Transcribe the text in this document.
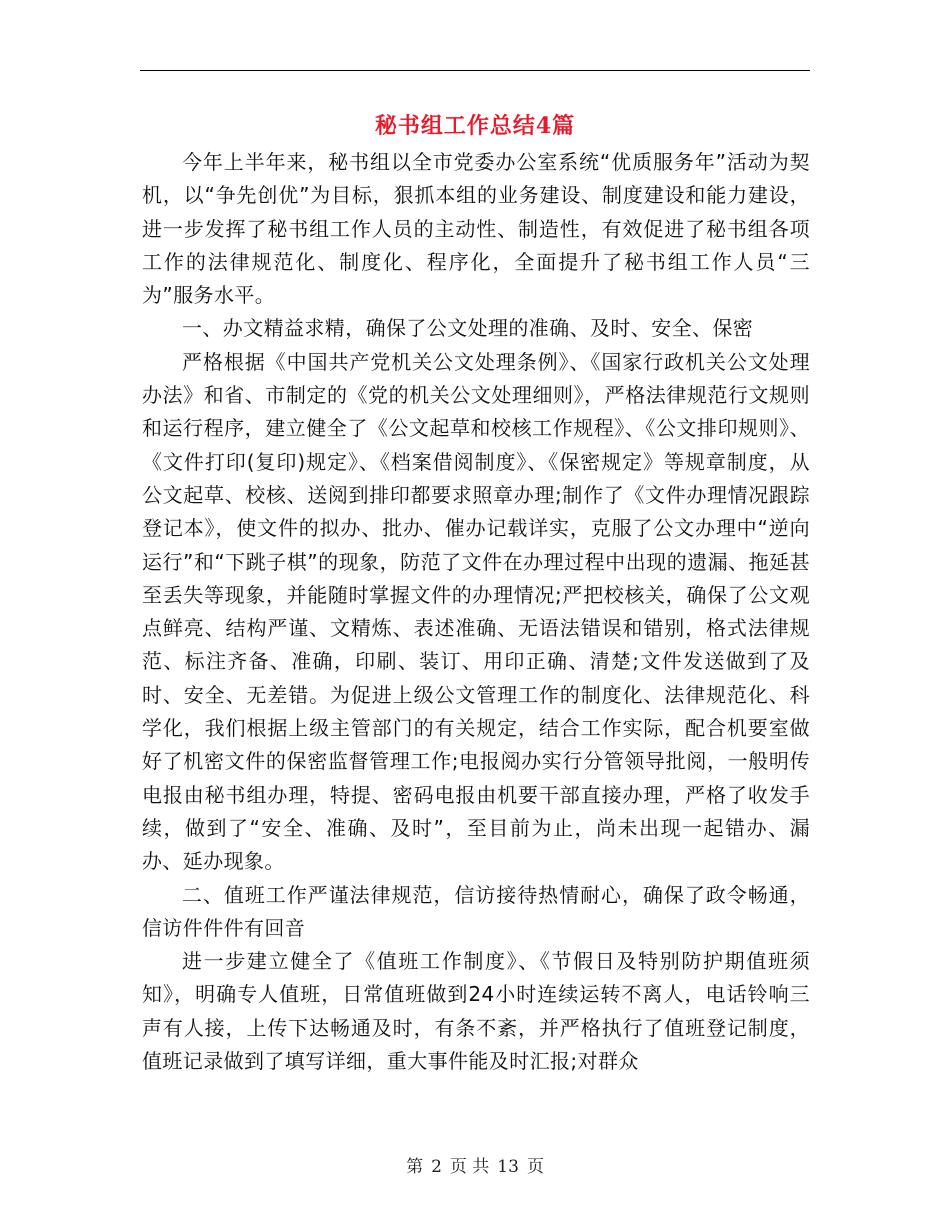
秘书组工作总结4篇

今年上半年来，秘书组以全市党委办公室系统“优质服务年”活动为契机，以“争先创优”为目标，狠抓本组的业务建设、制度建设和能力建设，进一步发挥了秘书组工作人员的主动性、制造性，有效促进了秘书组各项工作的法律规范化、制度化、程序化，全面提升了秘书组工作人员“三为”服务水平。

一、办文精益求精，确保了公文处理的准确、及时、安全、保密

严格根据《中国共产党机关公文处理条例》、《国家行政机关公文处理办法》和省、市制定的《党的机关公文处理细则》，严格法律规范行文规则和运行程序，建立健全了《公文起草和校核工作规程》、《公文排印规则》、《文件打印(复印)规定》、《档案借阅制度》、《保密规定》等规章制度，从公文起草、校核、送阅到排印都要求照章办理;制作了《文件办理情况跟踪登记本》，使文件的拟办、批办、催办记载详实，克服了公文办理中“逆向运行”和“下跳子棋”的现象，防范了文件在办理过程中出现的遗漏、拖延甚至丢失等现象，并能随时掌握文件的办理情况;严把校核关，确保了公文观点鲜亮、结构严谨、文精炼、表述准确、无语法错误和错别，格式法律规范、标注齐备、准确，印刷、装订、用印正确、清楚;文件发送做到了及时、安全、无差错。为促进上级公文管理工作的制度化、法律规范化、科学化，我们根据上级主管部门的有关规定，结合工作实际，配合机要室做好了机密文件的保密监督管理工作;电报阅办实行分管领导批阅，一般明传电报由秘书组办理，特提、密码电报由机要干部直接办理，严格了收发手续，做到了“安全、准确、及时”，至目前为止，尚未出现一起错办、漏办、延办现象。

二、值班工作严谨法律规范，信访接待热情耐心，确保了政令畅通，信访件件件有回音

进一步建立健全了《值班工作制度》、《节假日及特别防护期值班须知》，明确专人值班，日常值班做到24小时连续运转不离人，电话铃响三声有人接，上传下达畅通及时，有条不紊，并严格执行了值班登记制度，值班记录做到了填写详细，重大事件能及时汇报;对群众

第 2 页 共 13 页
